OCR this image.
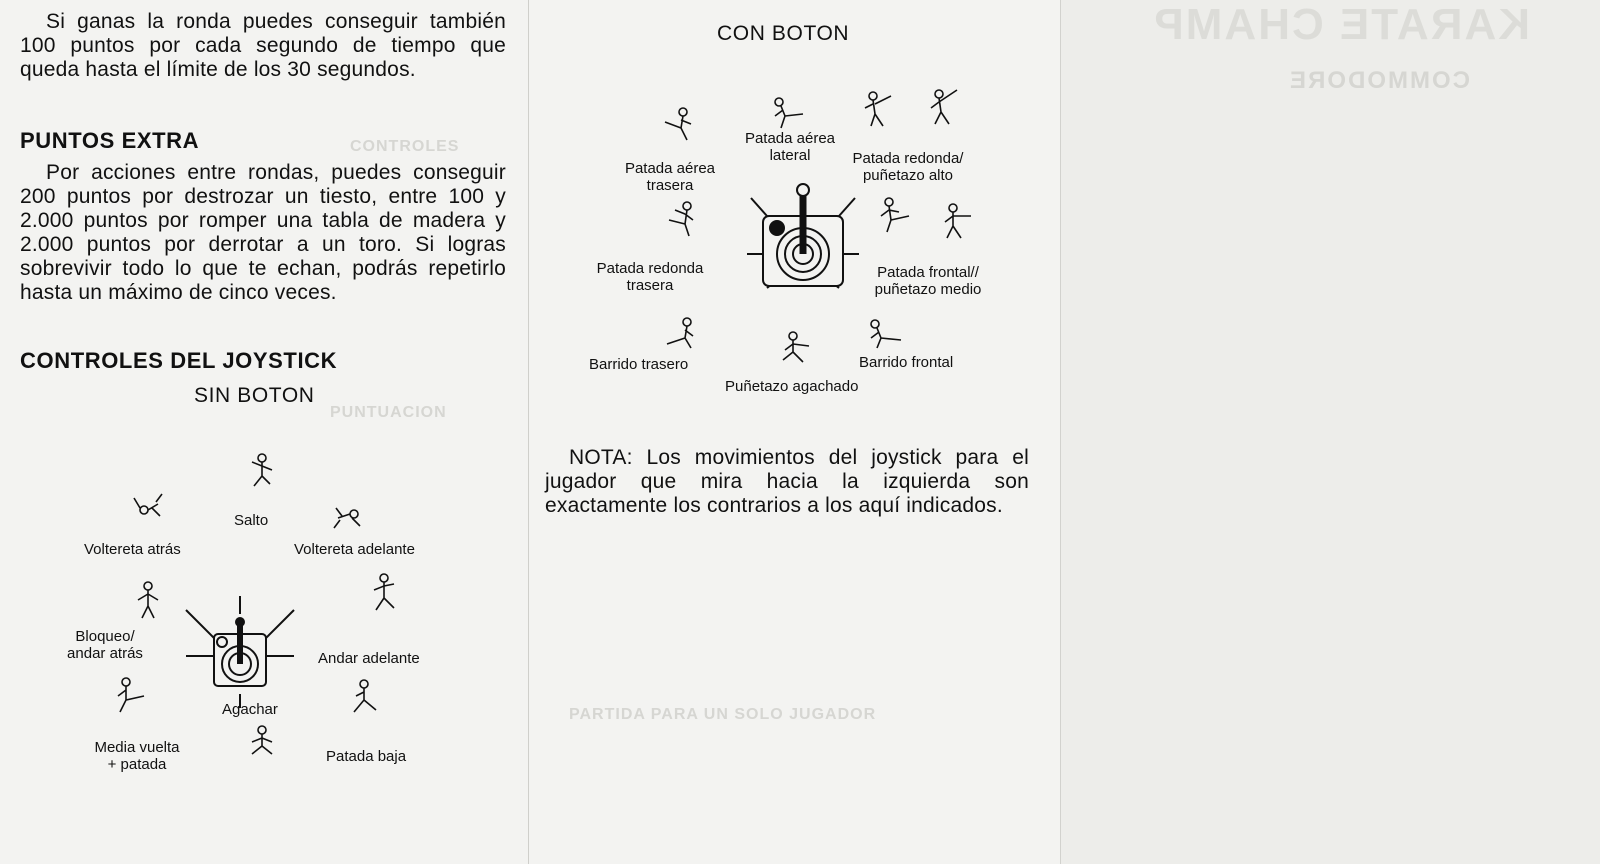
CONTROLES
PUNTUACION

Si ganas la ronda puedes conseguir también 100 puntos por cada segundo de tiempo que queda hasta el límite de los 30 segundos.

PUNTOS EXTRA

Por acciones entre rondas, puedes conseguir 200 puntos por destrozar un tiesto, entre 100 y 2.000 puntos por romper una tabla de madera y 2.000 puntos por derrotar a un toro. Si logras sobrevivir todo lo que te echan, podrás repetirlo hasta un máximo de cinco veces.

CONTROLES DEL JOYSTICK
SIN BOTON
Salto
Voltereta atrás	Voltereta adelante
Bloqueo/
andar atrás	Andar adelante
Agachar
Media vuelta
+ patada	Patada baja
PARTIDA PARA UN SOLO JUGADOR
CON BOTON
Patada aérea
lateral
Patada aérea
trasera
Patada redonda/
puñetazo alto
Patada redonda
trasera
Patada frontal//
puñetazo medio
Barrido trasero	Barrido frontal
Puñetazo agachado

NOTA: Los movimientos del joystick para el jugador que mira hacia la izquierda son exactamente los contrarios a los aquí indicados.

KARATE CHAMP
COMMODORE
